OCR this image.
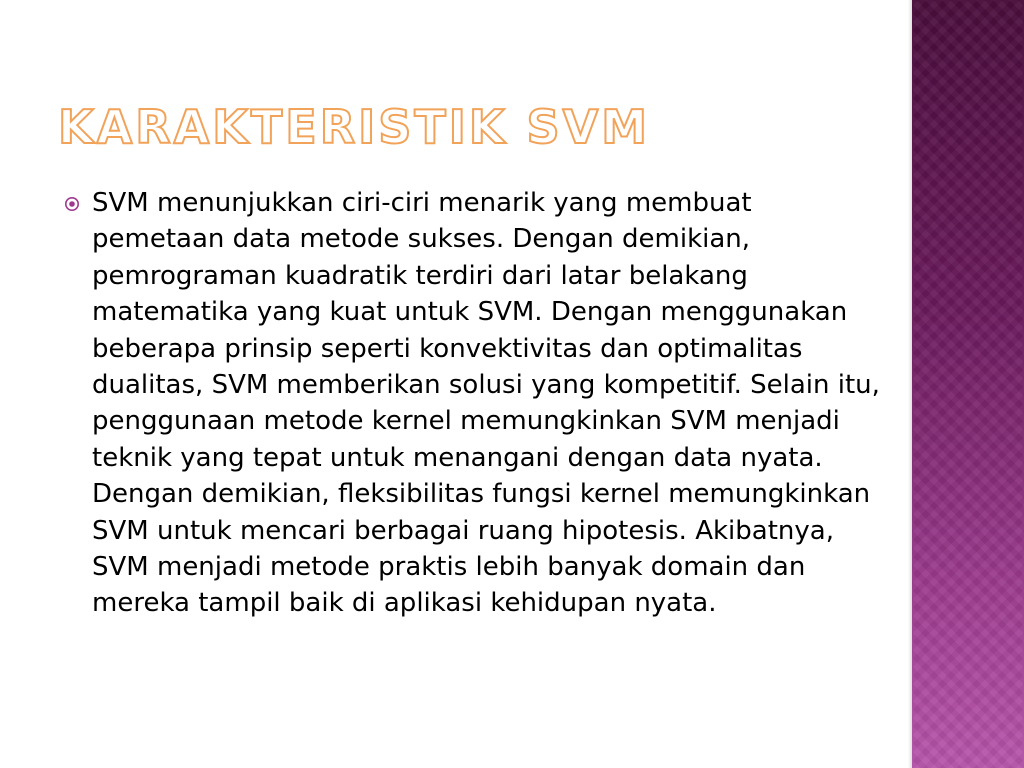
KARAKTERISTIK SVM
SVM menunjukkan ciri-ciri menarik yang membuat pemetaan data metode sukses. Dengan demikian, pemrograman kuadratik terdiri dari latar belakang matematika yang kuat untuk SVM. Dengan menggunakan beberapa prinsip seperti konvektivitas dan optimalitas dualitas, SVM memberikan solusi yang kompetitif. Selain itu, penggunaan metode kernel memungkinkan SVM menjadi teknik yang tepat untuk menangani dengan data nyata. Dengan demikian, fleksibilitas fungsi kernel memungkinkan SVM untuk mencari berbagai ruang hipotesis. Akibatnya, SVM menjadi metode praktis lebih banyak domain dan mereka tampil baik di aplikasi kehidupan nyata.
